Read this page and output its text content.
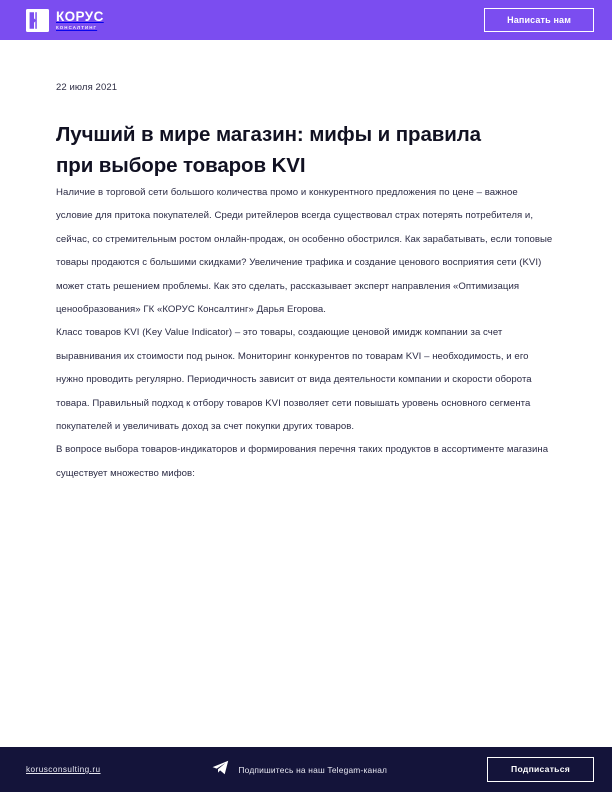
КОРУС
КОНСАЛТИНГ
Написать нам
22 июля 2021
Лучший в мире магазин: мифы и правила при выборе товаров KVI

Наличие в торговой сети большого количества промо и конкурентного предложения по цене – важное условие для притока покупателей. Среди ритейлеров всегда существовал страх потерять потребителя и, сейчас, со стремительным ростом онлайн-продаж, он особенно обострился. Как зарабатывать, если топовые товары продаются с большими скидками? Увеличение трафика и создание ценового восприятия сети (KVI) может стать решением проблемы. Как это сделать, рассказывает эксперт направления «Оптимизация ценообразования» ГК «КОРУС Консалтинг» Дарья Егорова.

Класс товаров KVI (Key Value Indicator) – это товары, создающие ценовой имидж компании за счет выравнивания их стоимости под рынок. Мониторинг конкурентов по товарам KVI – необходимость, и его нужно проводить регулярно. Периодичность зависит от вида деятельности компании и скорости оборота товара. Правильный подход к отбору товаров KVI позволяет сети повышать уровень основного сегмента покупателей и увеличивать доход за счет покупки других товаров.

В вопросе выбора товаров-индикаторов и формирования перечня таких продуктов в ассортименте магазина существует множество мифов:

korusconsulting.ru	Подпишитесь на наш Telegam-канал	Подписаться
